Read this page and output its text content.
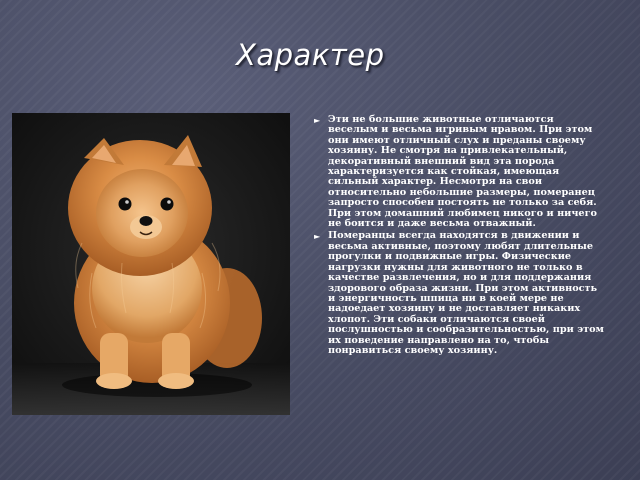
Характер
► Эти не большие животные отличаются веселым и весьма игривым нравом. При этом они имеют отличный слух и преданы своему хозяину. Не смотря на привлекательный, декоративный внешний вид эта порода характеризуется как стойкая, имеющая сильный характер. Несмотря на свои относительно небольшие размеры, померанец запросто способен постоять не только за себя. При этом домашний любимец никого и ничего не боится и даже весьма отважный.
► Померанцы всегда находятся в движении и весьма активные, поэтому любят длительные прогулки и подвижные игры. Физические нагрузки нужны для животного не только в качестве развлечения, но и для поддержания здорового образа жизни. При этом активность и энергичность шпица ни в коей мере не надоедает хозяину и не доставляет никаких хлопот. Эти собаки отличаются своей послушностью и сообразительностью, при этом их поведение направлено на то, чтобы понравиться своему хозяину.
